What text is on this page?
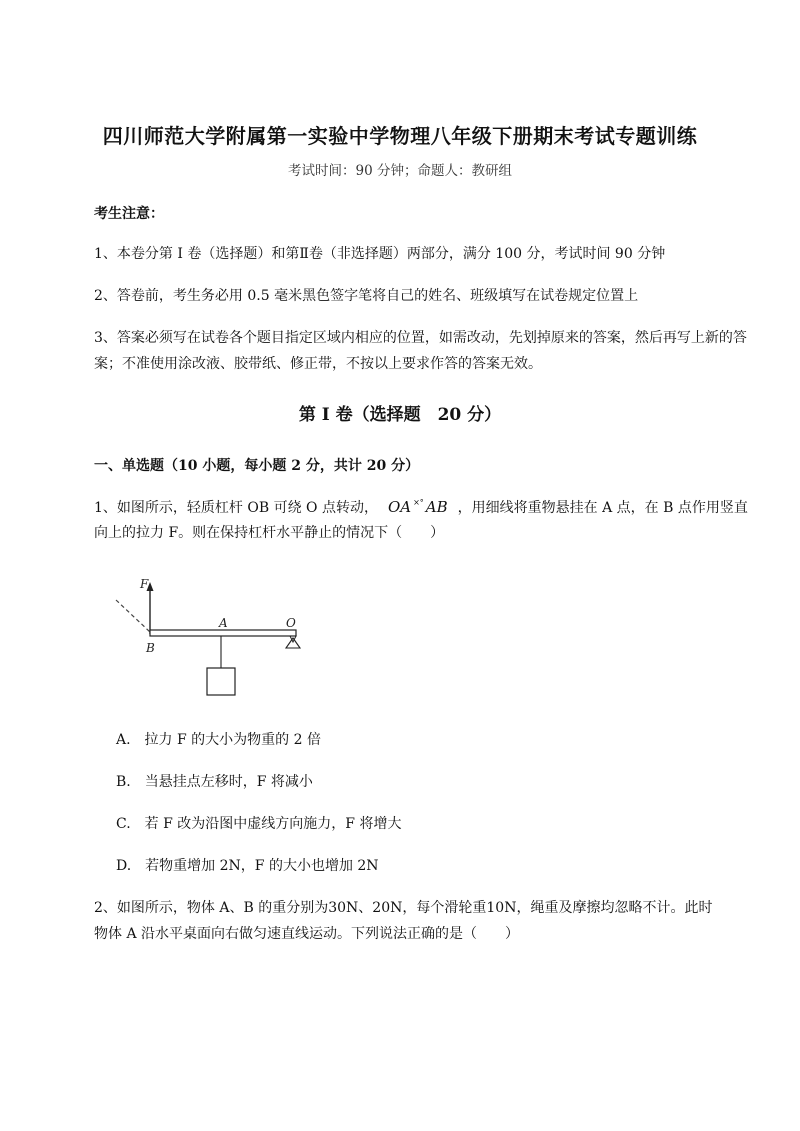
四川师范大学附属第一实验中学物理八年级下册期末考试专题训练
考试时间：90 分钟；命题人：教研组
考生注意：
1、本卷分第 I 卷（选择题）和第Ⅱ卷（非选择题）两部分，满分 100 分，考试时间 90 分钟
2、答卷前，考生务必用 0.5 毫米黑色签字笔将自己的姓名、班级填写在试卷规定位置上
3、答案必须写在试卷各个题目指定区域内相应的位置，如需改动，先划掉原来的答案，然后再写上新的答案；不准使用涂改液、胶带纸、修正带，不按以上要求作答的答案无效。
第 I 卷（选择题　20 分）
一、单选题（10 小题，每小题 2 分，共计 20 分）
1、如图所示，轻质杠杆 OB 可绕 O 点转动， OA ×° AB ，用细线将重物悬挂在 A 点，在 B 点作用竖直
向上的拉力 F。则在保持杠杆水平静止的情况下（　　）
F
O
A
B
A.　拉力 F 的大小为物重的 2 倍
B.　当悬挂点左移时，F 将减小
C.　若 F 改为沿图中虚线方向施力，F 将增大
D.　若物重增加 2N，F 的大小也增加 2N
2、如图所示，物体 A、B 的重分别为30N、20N，每个滑轮重10N，绳重及摩擦均忽略不计。此时
物体 A 沿水平桌面向右做匀速直线运动。下列说法正确的是（　　）
